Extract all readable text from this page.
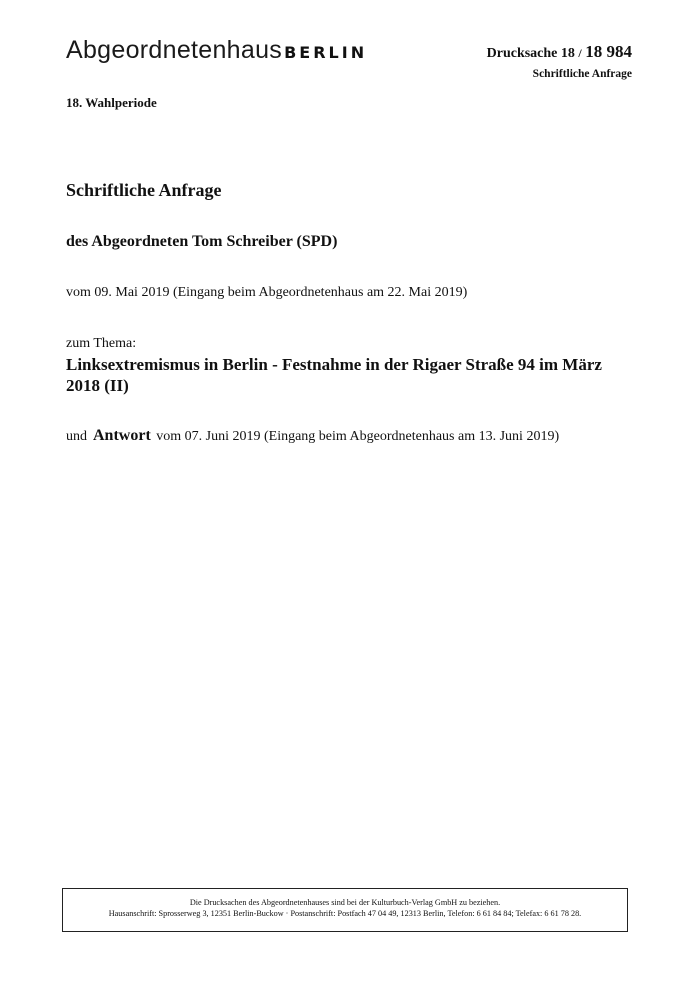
Abgeordnetenhaus BERLIN	Drucksache 18 / 18 984
Schriftliche Anfrage
18. Wahlperiode
Schriftliche Anfrage
des Abgeordneten Tom Schreiber (SPD)
vom 09. Mai 2019 (Eingang beim Abgeordnetenhaus am 22. Mai 2019)
zum Thema:
Linksextremismus in Berlin - Festnahme in der Rigaer Straße 94 im März 2018 (II)
und Antwort vom 07. Juni 2019 (Eingang beim Abgeordnetenhaus am 13. Juni 2019)
Die Drucksachen des Abgeordnetenhauses sind bei der Kulturbuch-Verlag GmbH zu beziehen.
Hausanschrift: Sprosserweg 3, 12351 Berlin-Buckow · Postanschrift: Postfach 47 04 49, 12313 Berlin, Telefon: 6 61 84 84; Telefax: 6 61 78 28.
